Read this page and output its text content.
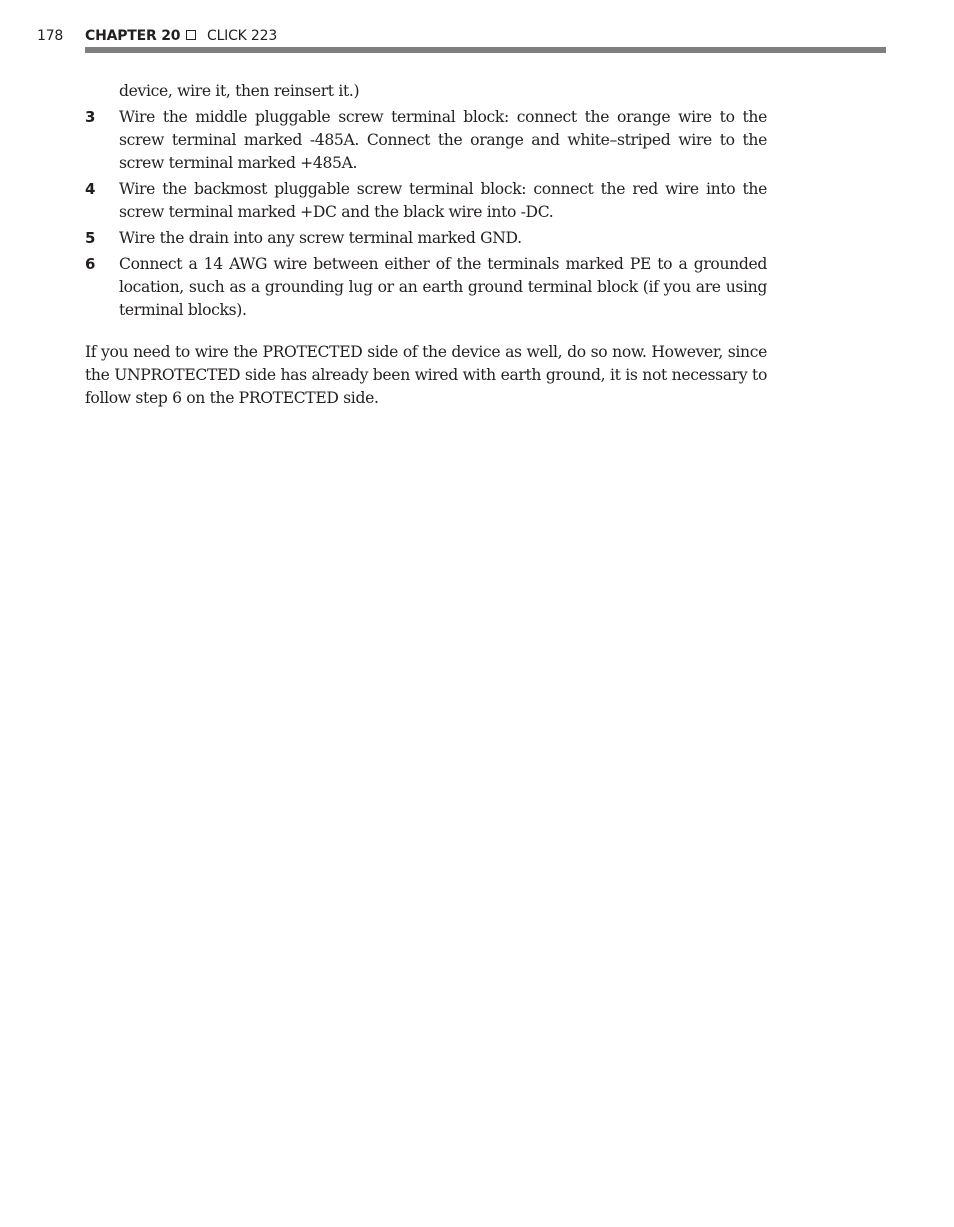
178 CHAPTER 20 CLICK 223
device, wire it, then reinsert it.)
3 Wire the middle pluggable screw terminal block: connect the orange wire to the screw terminal marked -485A. Connect the orange and white–striped wire to the screw terminal marked +485A.
4 Wire the backmost pluggable screw terminal block: connect the red wire into the screw terminal marked +DC and the black wire into -DC.
5 Wire the drain into any screw terminal marked GND.
6 Connect a 14 AWG wire between either of the terminals marked PE to a grounded location, such as a grounding lug or an earth ground terminal block (if you are using terminal blocks).

If you need to wire the PROTECTED side of the device as well, do so now. However, since the UNPROTECTED side has already been wired with earth ground, it is not necessary to follow step 6 on the PROTECTED side.
